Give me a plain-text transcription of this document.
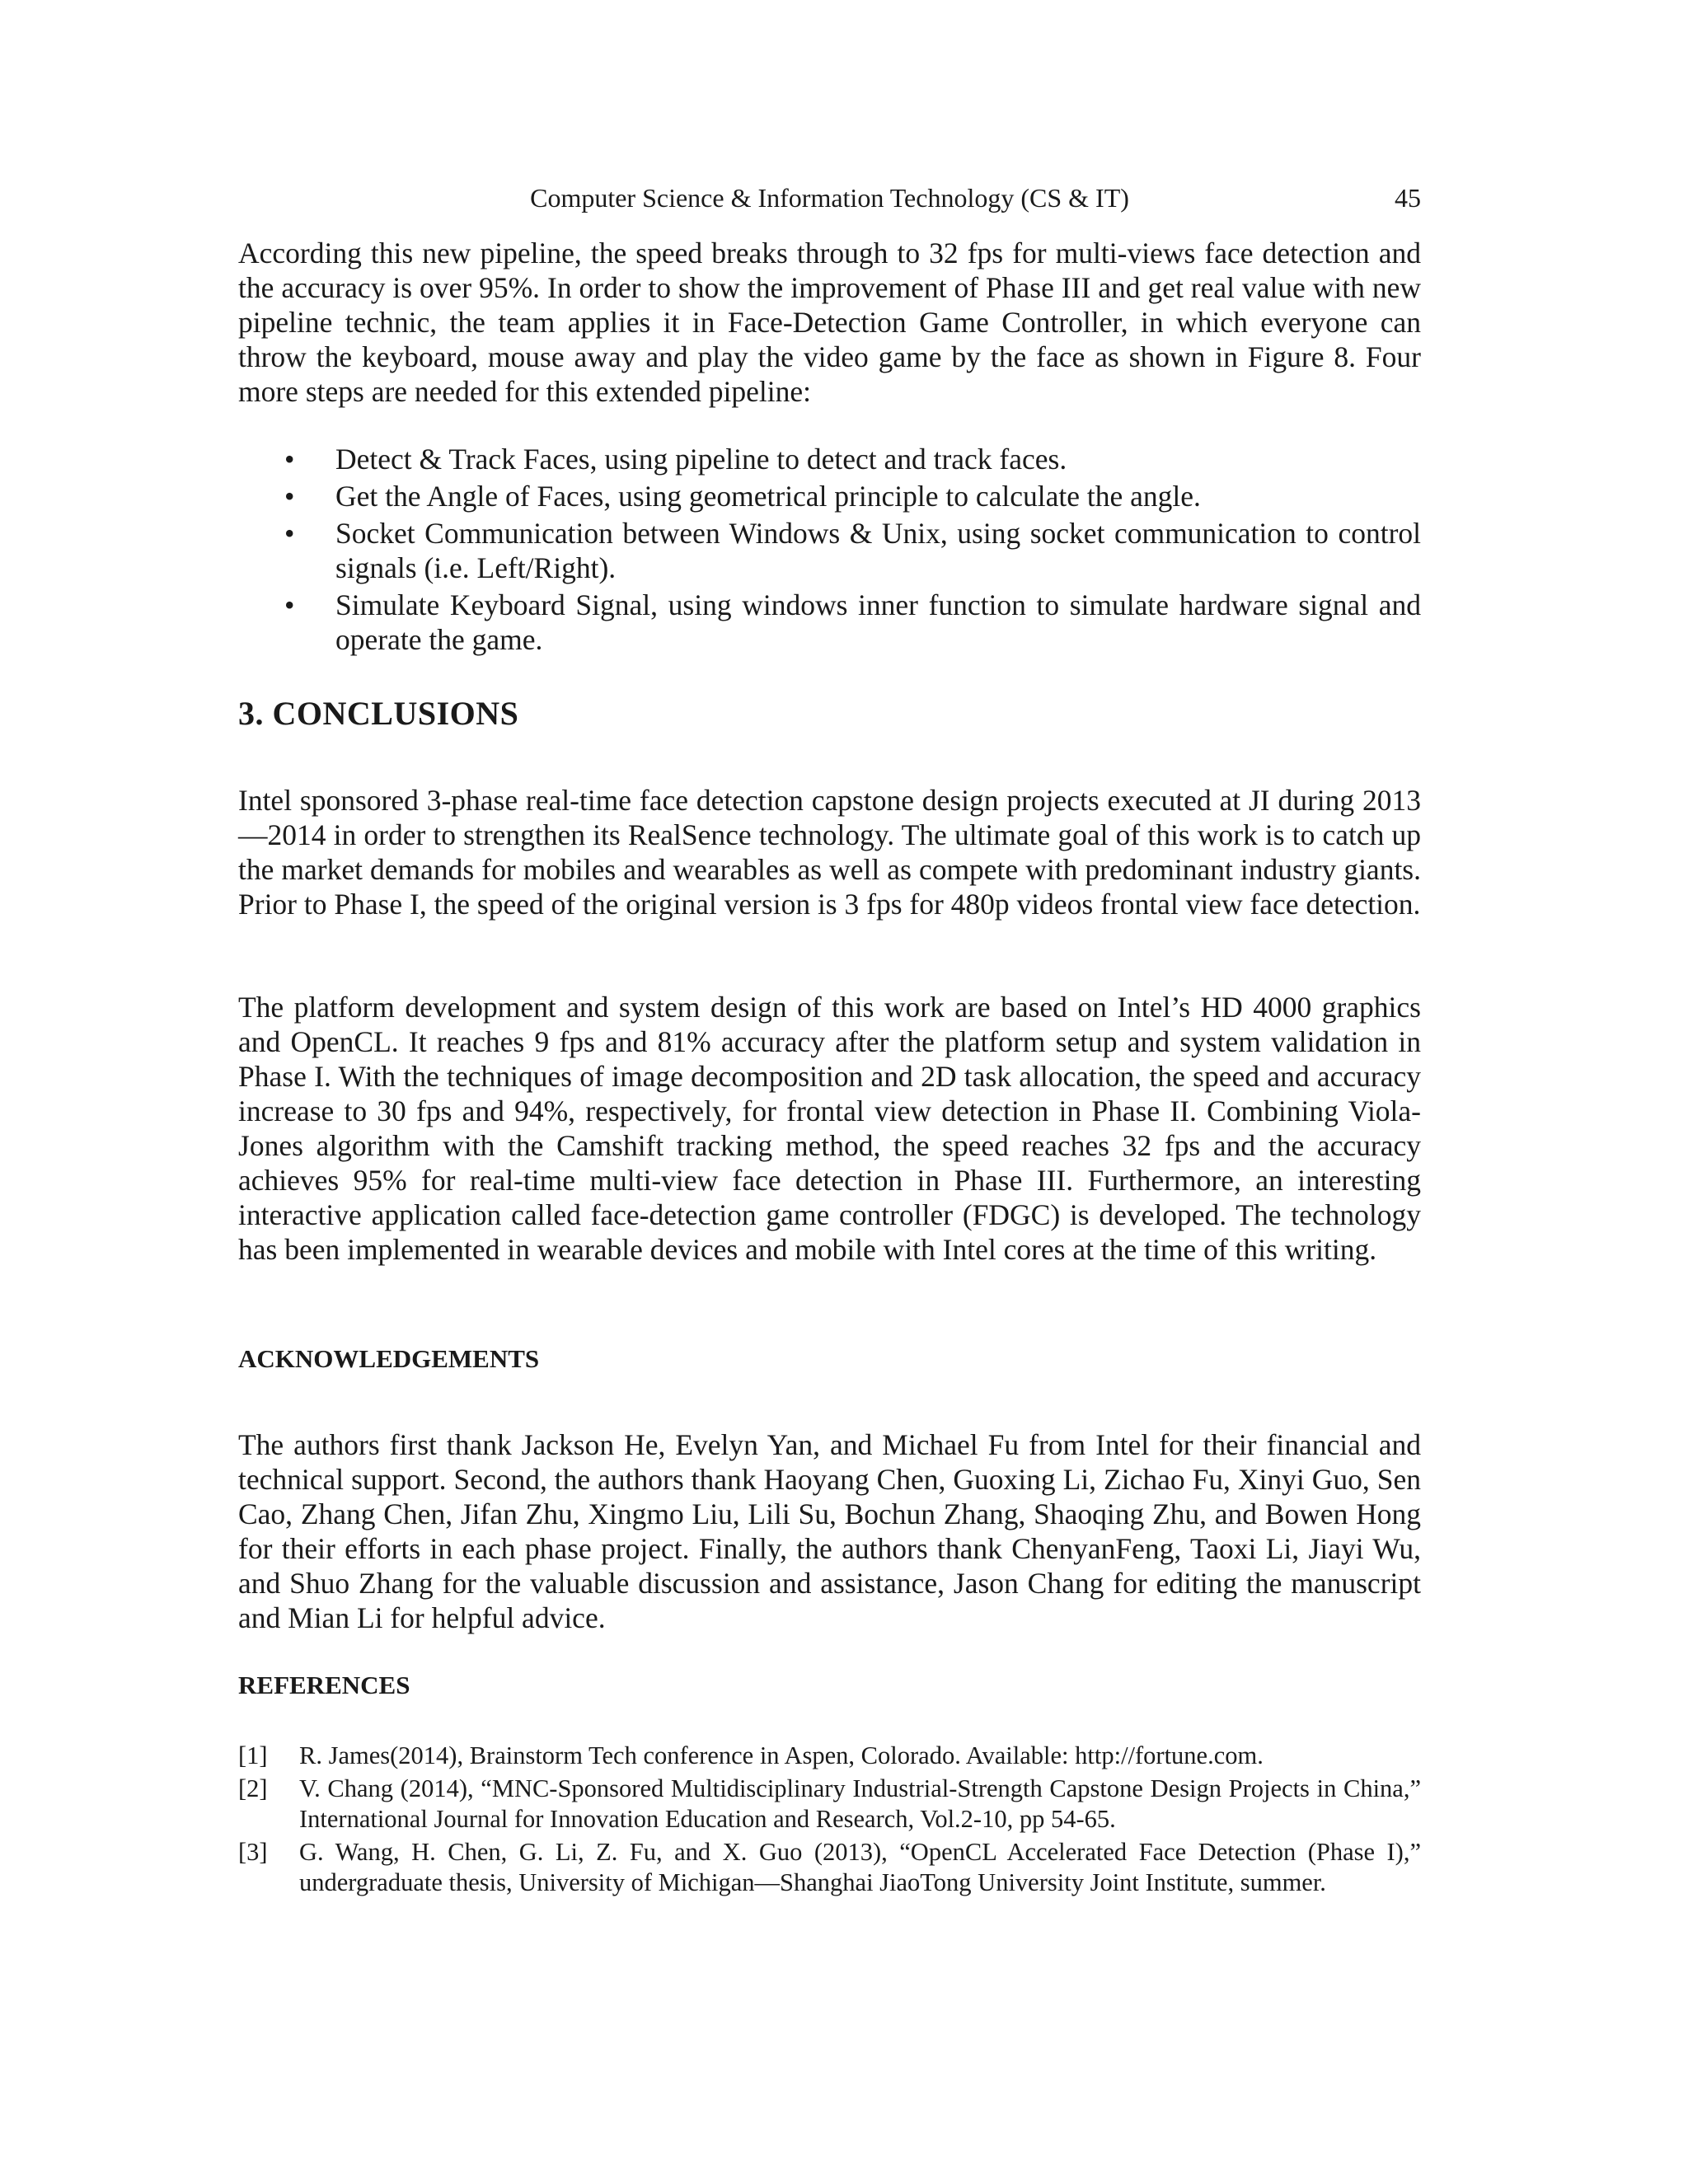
Computer Science & Information Technology (CS & IT)	45

According this new pipeline, the speed breaks through to 32 fps for multi-views face detection and the accuracy is over 95%. In order to show the improvement of Phase III and get real value with new pipeline technic, the team applies it in Face-Detection Game Controller, in which everyone can throw the keyboard, mouse away and play the video game by the face as shown in Figure 8. Four more steps are needed for this extended pipeline:

• Detect & Track Faces, using pipeline to detect and track faces.
• Get the Angle of Faces, using geometrical principle to calculate the angle.
• Socket Communication between Windows & Unix, using socket communication to control signals (i.e. Left/Right).
• Simulate Keyboard Signal, using windows inner function to simulate hardware signal and operate the game.
3. CONCLUSIONS

Intel sponsored 3-phase real-time face detection capstone design projects executed at JI during 2013—2014 in order to strengthen its RealSence technology. The ultimate goal of this work is to catch up the market demands for mobiles and wearables as well as compete with predominant industry giants. Prior to Phase I, the speed of the original version is 3 fps for 480p videos frontal view face detection.

The platform development and system design of this work are based on Intel’s HD 4000 graphics and OpenCL. It reaches 9 fps and 81% accuracy after the platform setup and system validation in Phase I. With the techniques of image decomposition and 2D task allocation, the speed and accuracy increase to 30 fps and 94%, respectively, for frontal view detection in Phase II. Combining Viola-Jones algorithm with the Camshift tracking method, the speed reaches 32 fps and the accuracy achieves 95% for real-time multi-view face detection in Phase III. Furthermore, an interesting interactive application called face-detection game controller (FDGC) is developed. The technology has been implemented in wearable devices and mobile with Intel cores at the time of this writing.

ACKNOWLEDGEMENTS

The authors first thank Jackson He, Evelyn Yan, and Michael Fu from Intel for their financial and technical support. Second, the authors thank Haoyang Chen, Guoxing Li, Zichao Fu, Xinyi Guo, Sen Cao, Zhang Chen, Jifan Zhu, Xingmo Liu, Lili Su, Bochun Zhang, Shaoqing Zhu, and Bowen Hong for their efforts in each phase project. Finally, the authors thank ChenyanFeng, Taoxi Li, Jiayi Wu, and Shuo Zhang for the valuable discussion and assistance, Jason Chang for editing the manuscript and Mian Li for helpful advice.

REFERENCES
[1] R. James(2014), Brainstorm Tech conference in Aspen, Colorado. Available: http://fortune.com.
[2] V. Chang (2014), “MNC-Sponsored Multidisciplinary Industrial-Strength Capstone Design Projects in China,” International Journal for Innovation Education and Research, Vol.2-10, pp 54-65.
[3] G. Wang, H. Chen, G. Li, Z. Fu, and X. Guo (2013), “OpenCL Accelerated Face Detection (Phase I),” undergraduate thesis, University of Michigan—Shanghai JiaoTong University Joint Institute, summer.
